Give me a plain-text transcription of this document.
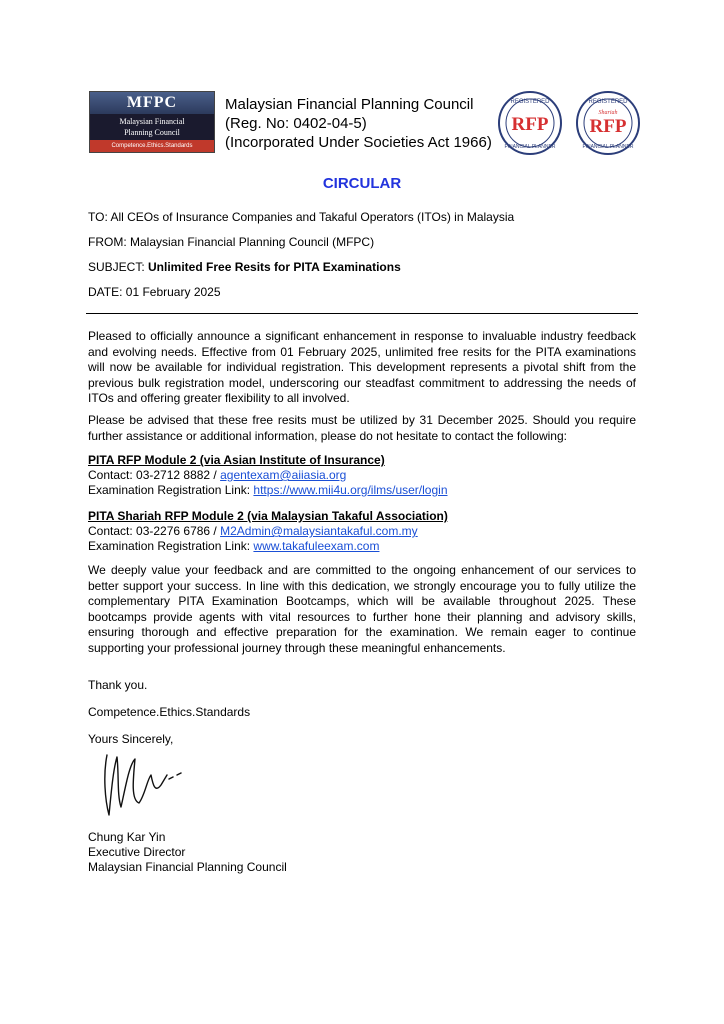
MFPC
Malaysian Financial
Planning Council
Competence.Ethics.Standards
Malaysian Financial Planning Council
(Reg. No: 0402-04-5)
(Incorporated Under Societies Act 1966)
REGISTERED
RFP
FINANCIAL PLANNER
REGISTERED
Shariah
RFP
FINANCIAL PLANNER
CIRCULAR
TO: All CEOs of Insurance Companies and Takaful Operators (ITOs) in Malaysia
FROM: Malaysian Financial Planning Council (MFPC)
SUBJECT: Unlimited Free Resits for PITA Examinations
DATE: 01 February 2025
Pleased to officially announce a significant enhancement in response to invaluable industry feedback and evolving needs. Effective from 01 February 2025, unlimited free resits for the PITA examinations will now be available for individual registration. This development represents a pivotal shift from the previous bulk registration model, underscoring our steadfast commitment to addressing the needs of ITOs and offering greater flexibility to all involved.
Please be advised that these free resits must be utilized by 31 December 2025. Should you require further assistance or additional information, please do not hesitate to contact the following:
PITA RFP Module 2 (via Asian Institute of Insurance)
Contact: 03-2712 8882 / agentexam@aiiasia.org
Examination Registration Link: https://www.mii4u.org/ilms/user/login
PITA Shariah RFP Module 2 (via Malaysian Takaful Association)
Contact: 03-2276 6786 / M2Admin@malaysiantakaful.com.my
Examination Registration Link: www.takafuleexam.com
We deeply value your feedback and are committed to the ongoing enhancement of our services to better support your success. In line with this dedication, we strongly encourage you to fully utilize the complementary PITA Examination Bootcamps, which will be available throughout 2025. These bootcamps provide agents with vital resources to further hone their planning and advisory skills, ensuring thorough and effective preparation for the examination. We remain eager to continue supporting your professional journey through these meaningful enhancements.
Thank you.
Competence.Ethics.Standards
Yours Sincerely,
Chung Kar Yin
Executive Director
Malaysian Financial Planning Council
